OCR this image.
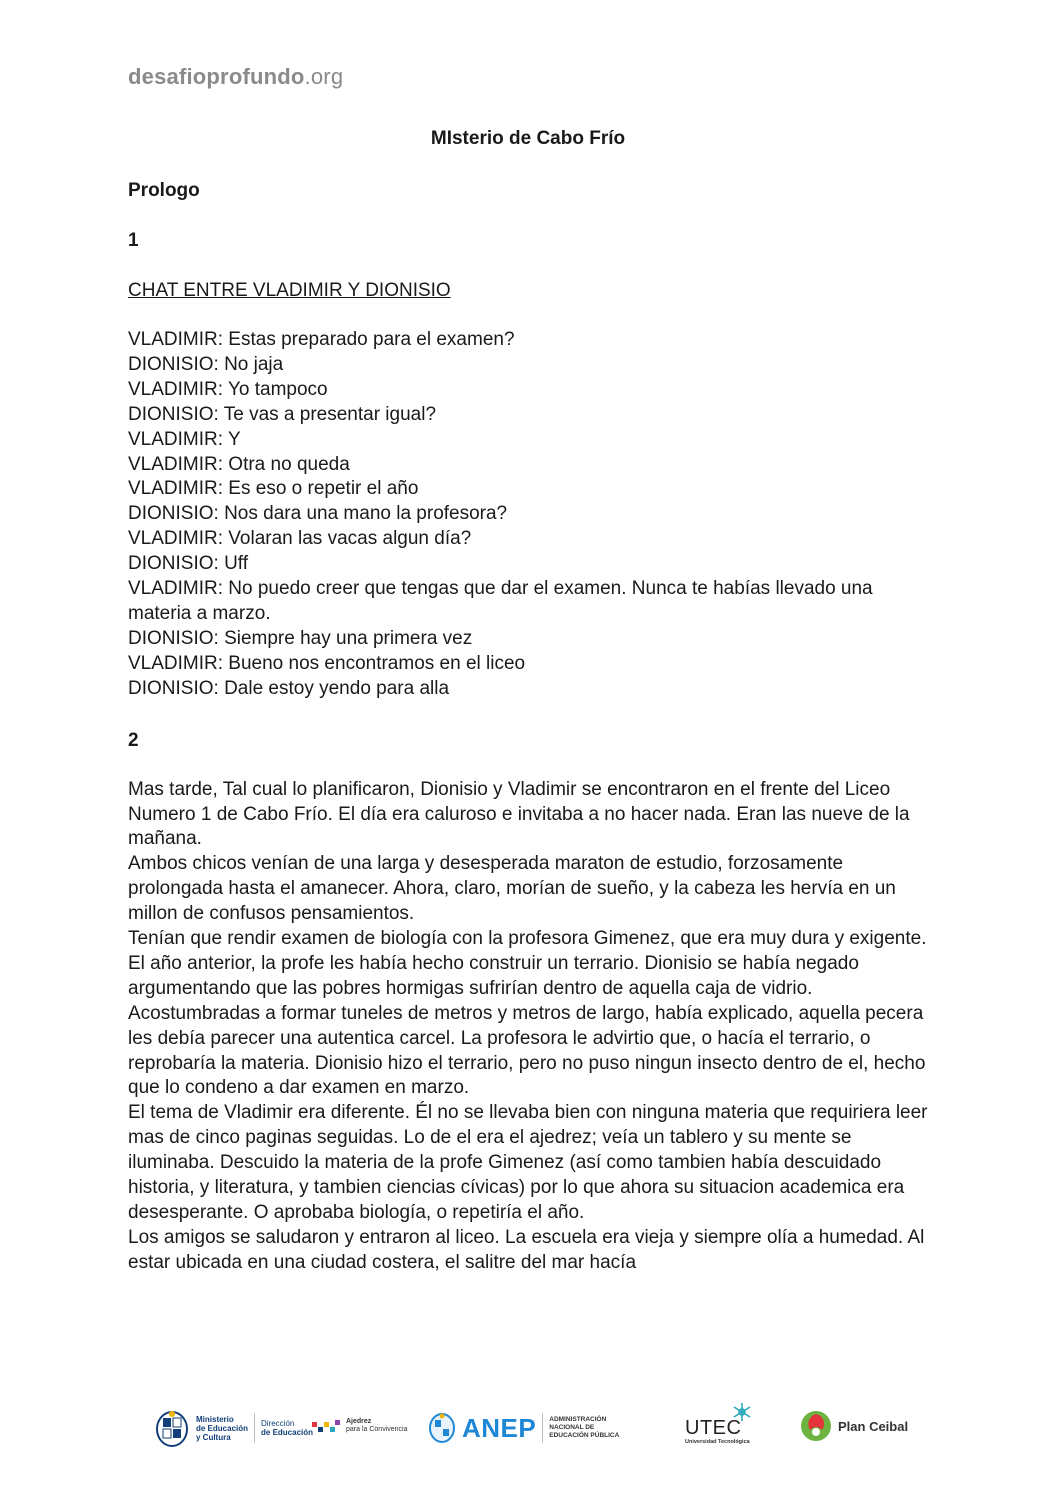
desafioprofundo.org
MIsterio de Cabo Frío
Prologo
1
CHAT ENTRE VLADIMIR Y DIONISIO

VLADIMIR: Estas preparado para el examen?

DIONISIO: No jaja

VLADIMIR: Yo tampoco

DIONISIO: Te vas a presentar igual?

VLADIMIR: Y

VLADIMIR: Otra no queda

VLADIMIR: Es eso o repetir el año

DIONISIO: Nos dara una mano la profesora?

VLADIMIR: Volaran las vacas algun día?

DIONISIO: Uff

VLADIMIR: No puedo creer que tengas que dar el examen. Nunca te habías llevado una materia a marzo.

DIONISIO: Siempre hay una primera vez

VLADIMIR: Bueno nos encontramos en el liceo

DIONISIO: Dale estoy yendo para alla

2

Mas tarde, Tal cual lo planificaron, Dionisio y Vladimir se encontraron en el frente del Liceo Numero 1 de Cabo Frío. El día era caluroso e invitaba a no hacer nada. Eran las nueve de la mañana.

Ambos chicos venían de una larga y desesperada maraton de estudio, forzosamente prolongada hasta el amanecer. Ahora, claro, morían de sueño, y la cabeza les hervía en un millon de confusos pensamientos.

Tenían que rendir examen de biología con la profesora Gimenez, que era muy dura y exigente.

El año anterior, la profe les había hecho construir un terrario. Dionisio se había negado argumentando que las pobres hormigas sufrirían dentro de aquella caja de vidrio. Acostumbradas a formar tuneles de metros y metros de largo, había explicado, aquella pecera les debía parecer una autentica carcel. La profesora le advirtio que, o hacía el terrario, o reprobaría la materia. Dionisio hizo el terrario, pero no puso ningun insecto dentro de el, hecho que lo condeno a dar examen en marzo.

El tema de Vladimir era diferente. Él no se llevaba bien con ninguna materia que requiriera leer mas de cinco paginas seguidas. Lo de el era el ajedrez; veía un tablero y su mente se iluminaba. Descuido la materia de la profe Gimenez (así como tambien había descuidado historia, y literatura, y tambien ciencias cívicas) por lo que ahora su situacion academica era desesperante. O aprobaba biología, o repetiría el año.

Los amigos se saludaron y entraron al liceo. La escuela era vieja y siempre olía a humedad. Al estar ubicada en una ciudad costera, el salitre del mar hacía

Ministerio
de Educación
y Cultura
Dirección
de Educación
Ajedrez
para la Convivencia ANEP ADMINISTRACIÓN
NACIONAL DE
EDUCACIÓN PÚBLICA	UTEC
Universidad Tecnológica
Plan Ceibal
